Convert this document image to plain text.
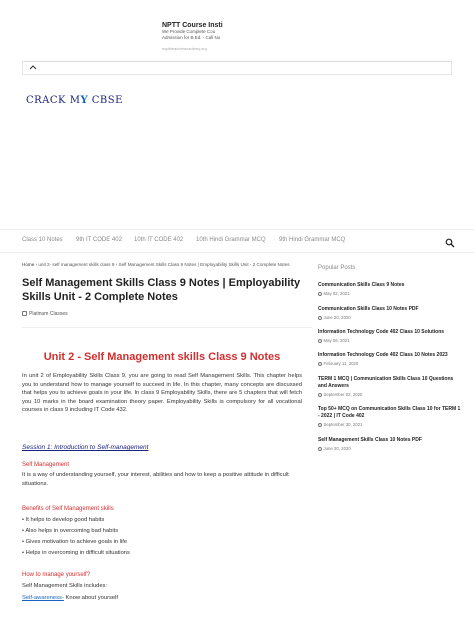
NPTT Course Insti
We Provide Complete Cou
Admission for B.Ed. - Call No
nspttteacheracademy.org
CRACK MY CBSE
Class 10 Notes 9th IT CODE 402 10th IT CODE 402 10th Hindi Grammar MCQ 9th Hindi Grammar MCQ
Home › unit 2- self management skills class 9 › Self Management Skills Class 9 Notes | Employability Skills Unit - 2 Complete Notes
Self Management Skills Class 9 Notes | Employability Skills Unit - 2 Complete Notes
Platinum Classes
Unit 2 - Self Management skills Class 9 Notes

In unit 2 of Employability Skills Class 9, you are going to read Self Management Skills. This chapter helps you to understand how to manage yourself to succeed in life. In this chapter, many concepts are discussed that helps you to achieve goals in your life. In class 9 Employability Skills, there are 5 chapters that will fetch you 10 marks in the board examination theory paper. Employability Skills is compulsory for all vocational courses in class 9 including IT Code 432.

Session 1: Introduction to Self-management
Self Management

It is a way of understanding yourself, your interest, abilities and how to keep a positive attitude in difficult situations.

Benefits of Self Management skills
• It helps to develop good habits
• Also helps in overcoming bad habits
• Gives motivation to achieve goals in life
• Helps in overcoming in difficult situations
How to manage yourself?
Self Management Skills includes:
Self-awareness- Know about yourself
Popular Posts
Communication Skills Class 9 Notes
May 02, 2021
Communication Skills Class 10 Notes PDF
June 20, 2020
Information Technology Code 402 Class 10 Solutions
May 06, 2021
Information Technology Code 402 Class 10 Notes 2023
February 11, 2020
TERM 1 MCQ | Communication Skills Class 10 Questions and Answers
September 02, 2020
Top 50+ MCQ on Communication Skills Class 10 for TERM 1 - 2022 | IT Code 402
September 30, 2021
Self Management Skills Class 10 Notes PDF
June 20, 2020
